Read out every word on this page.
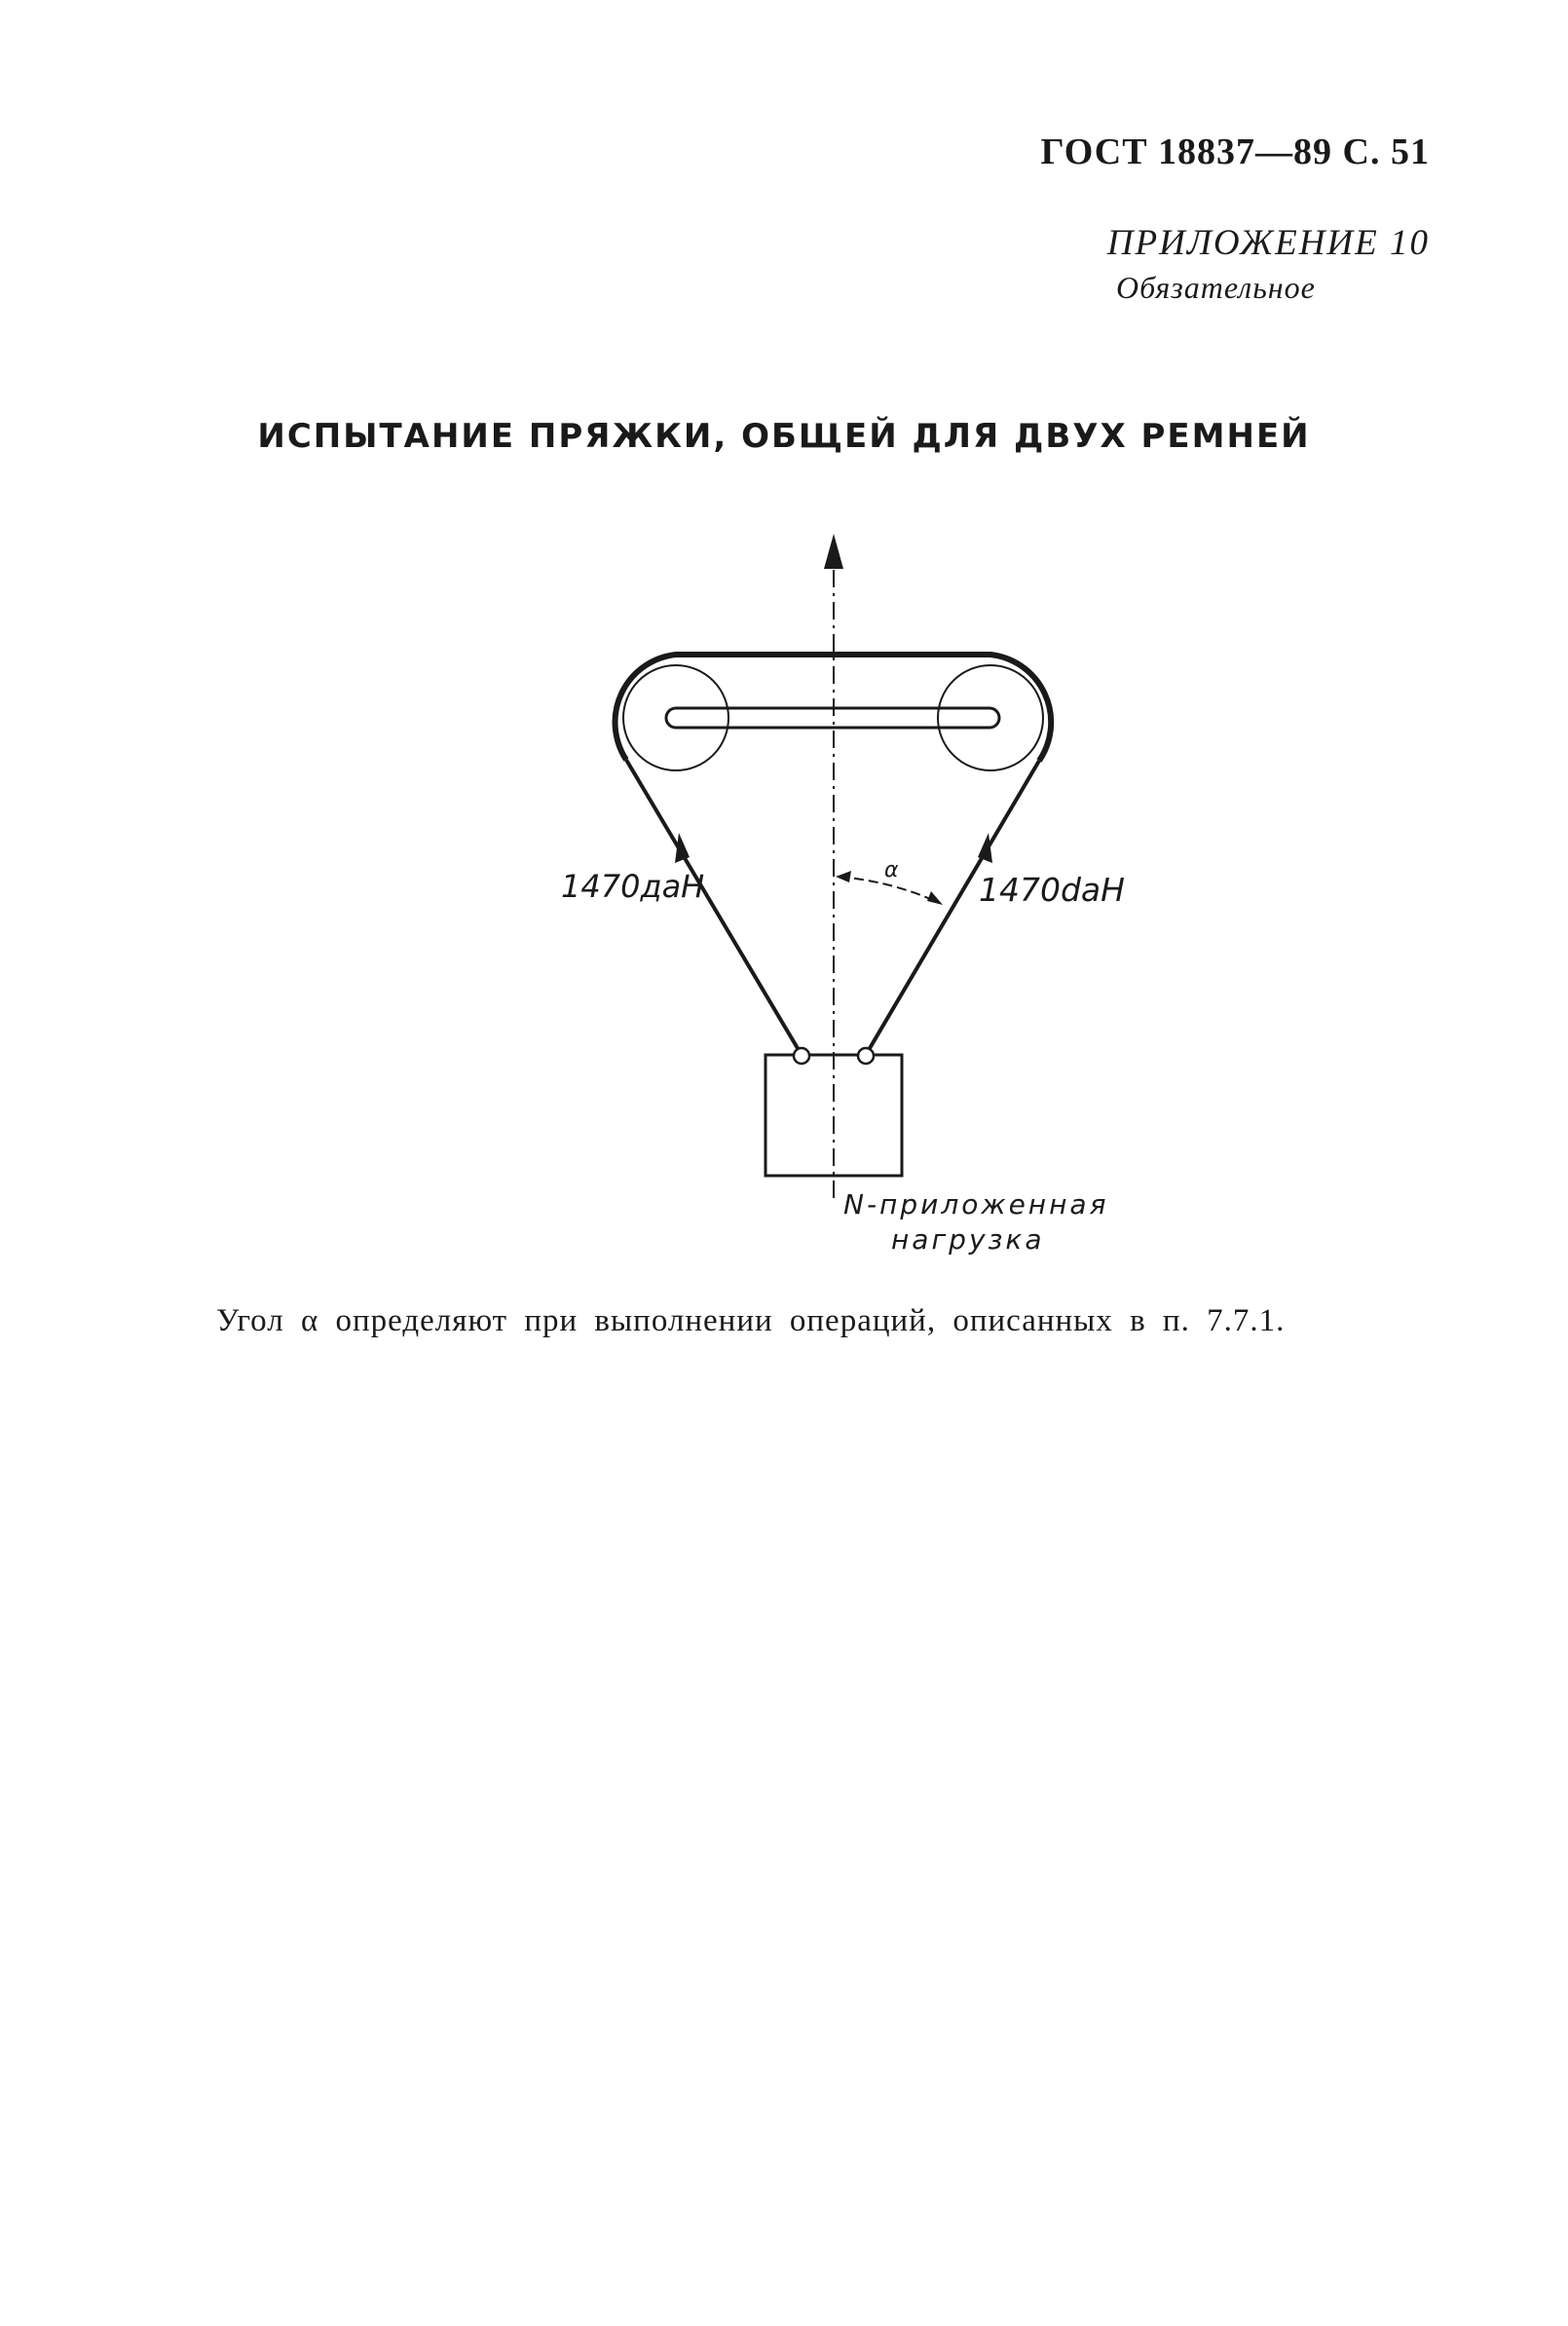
ГОСТ 18837—89 С. 51
ПРИЛОЖЕНИЕ 10
Обязательное
ИСПЫТАНИЕ ПРЯЖКИ, ОБЩЕЙ ДЛЯ ДВУХ РЕМНЕЙ
1470даН	1470daH
α
N-приложенная
нагрузка
Угол α определяют при выполнении операций, описанных в п. 7.7.1.
